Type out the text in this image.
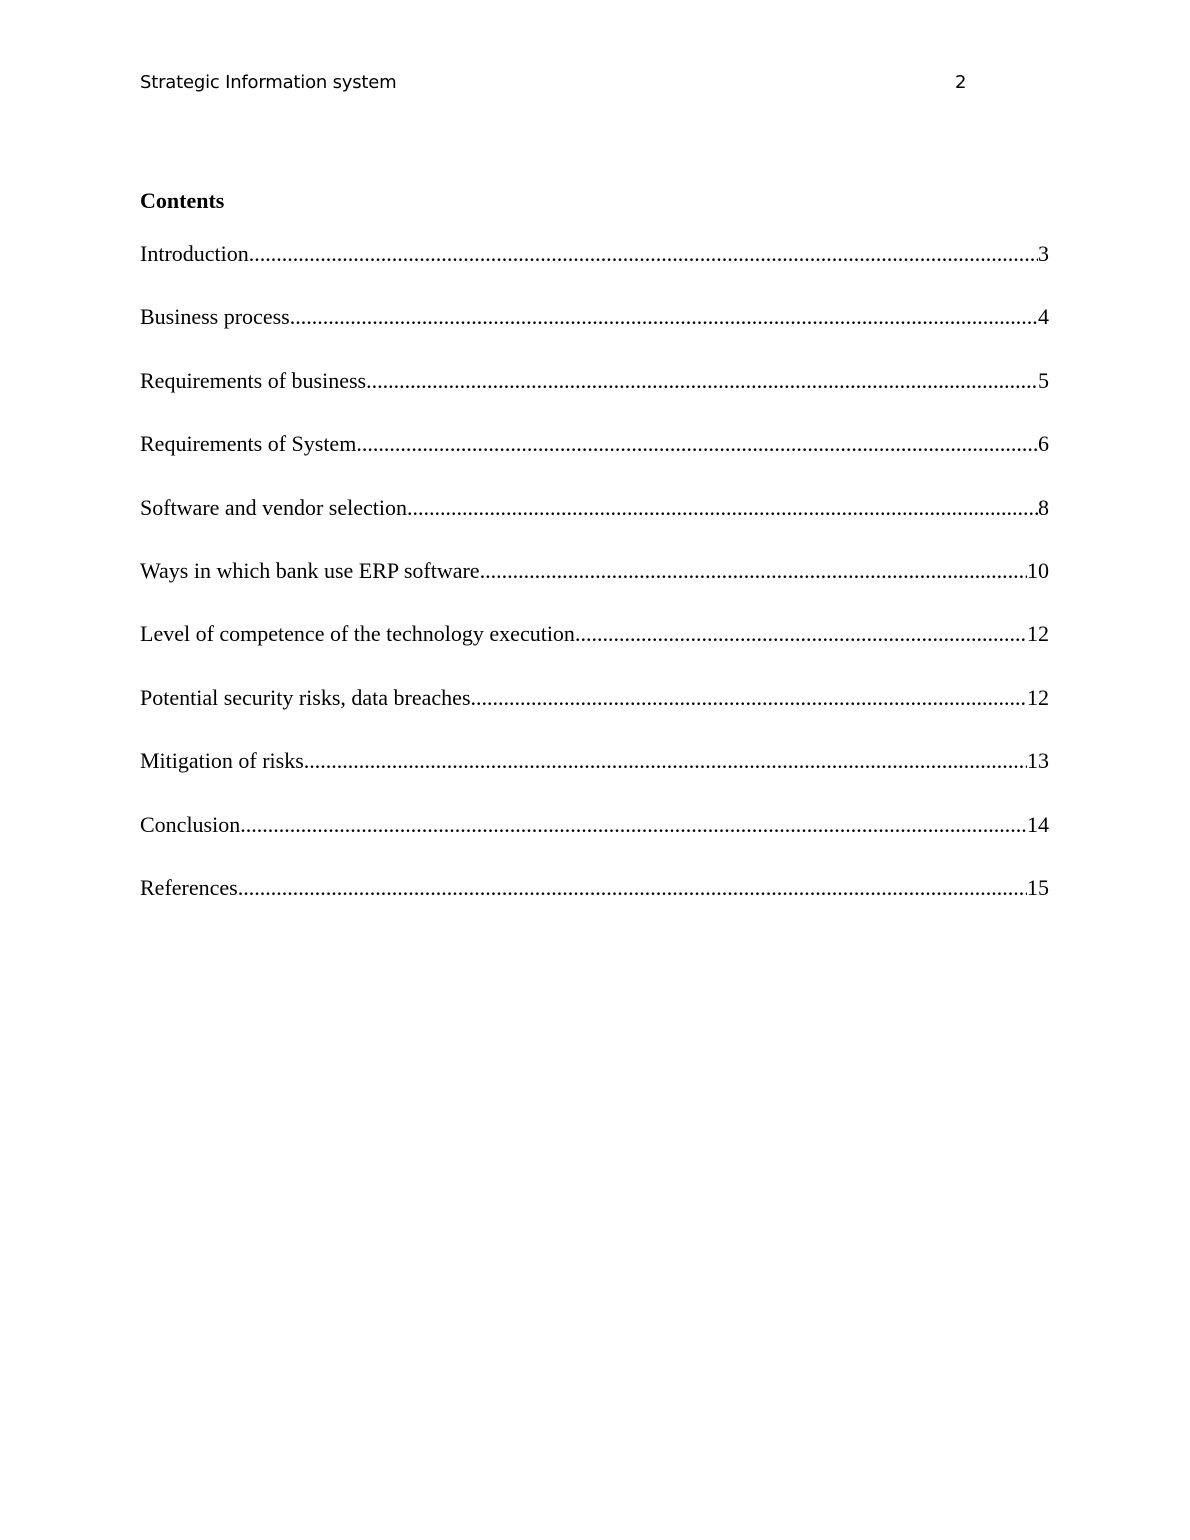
Strategic Information system	2
Contents
Introduction .....	3
Business process .....	4
Requirements of business .....	5
Requirements of System .....	6
Software and vendor selection .....	8
Ways in which bank use ERP software .....	10
Level of competence of the technology execution .....	12
Potential security risks, data breaches .....	12
Mitigation of risks .....	13
Conclusion .....	14
References .....	15
